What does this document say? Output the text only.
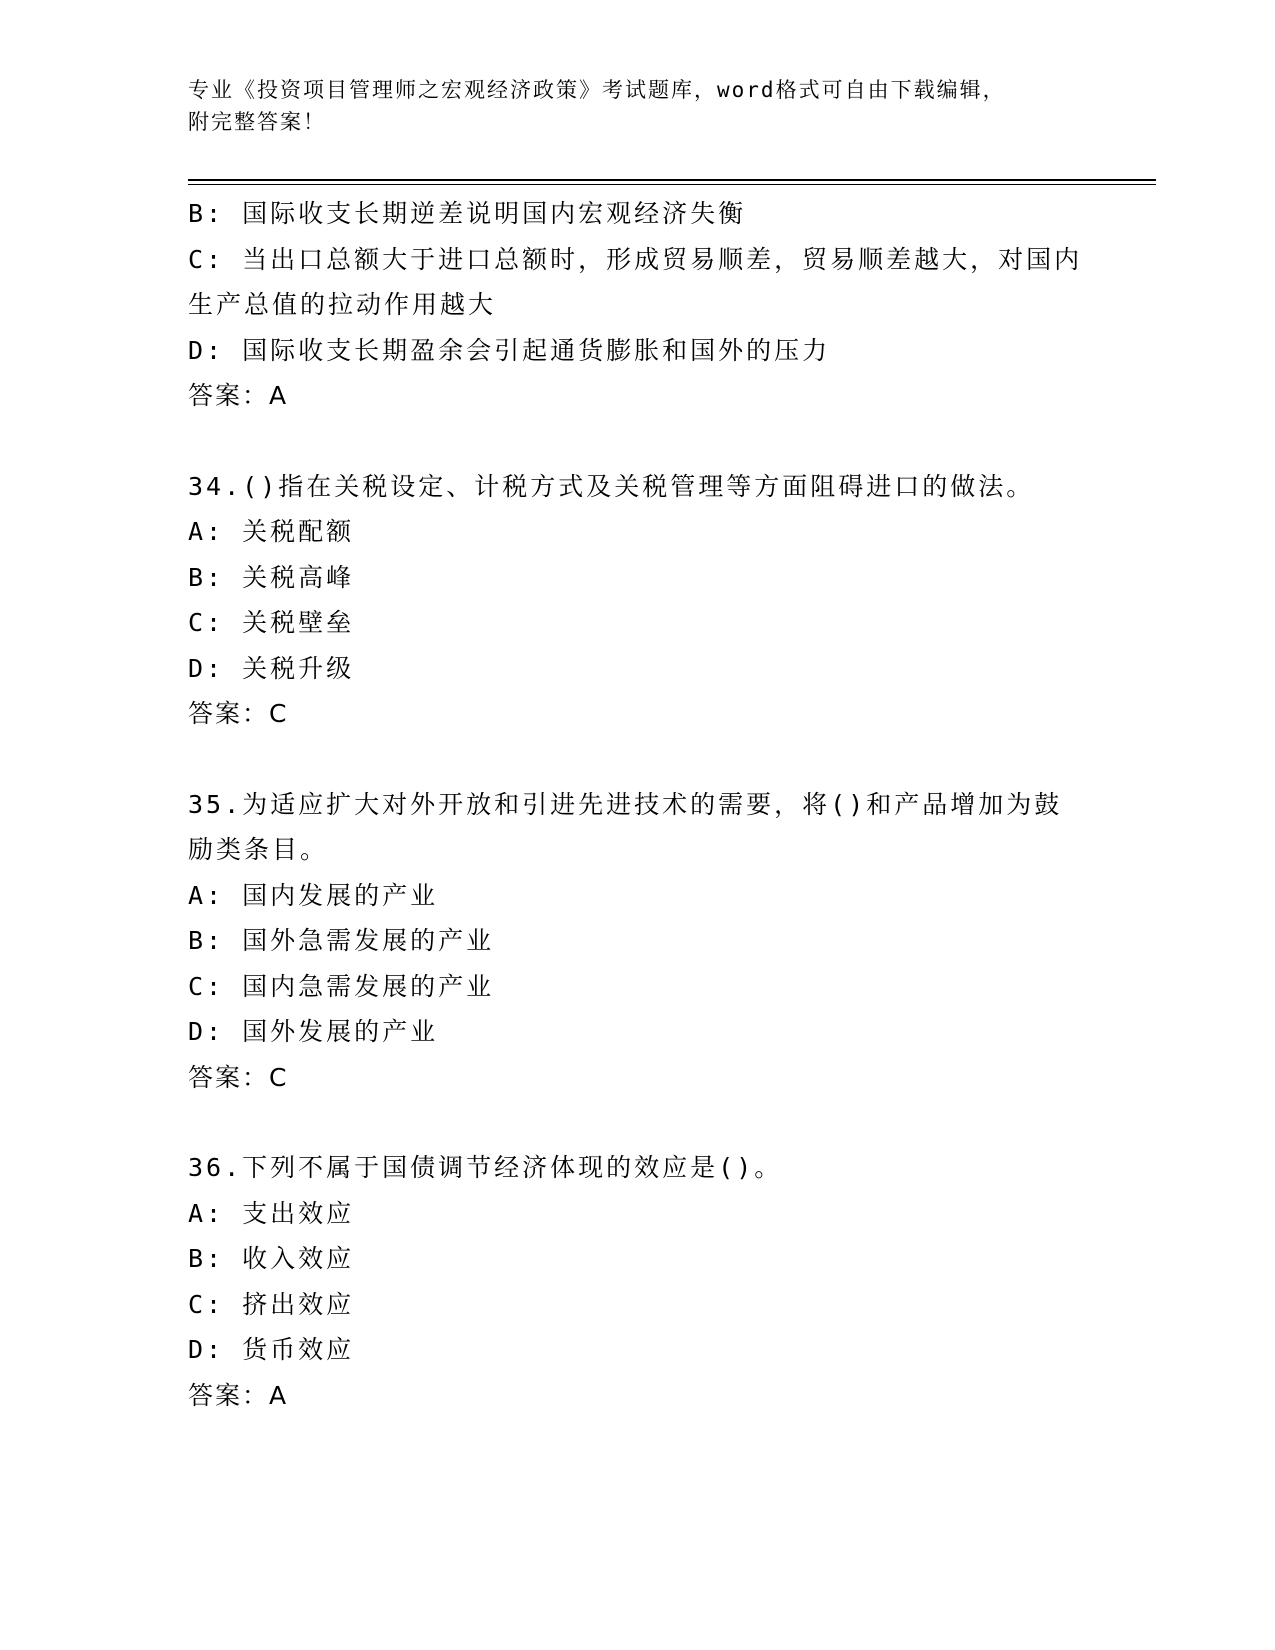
专业《投资项目管理师之宏观经济政策》考试题库，word格式可自由下载编辑，
附完整答案！
B: 国际收支长期逆差说明国内宏观经济失衡
C: 当出口总额大于进口总额时，形成贸易顺差，贸易顺差越大，对国内生产总值的拉动作用越大
D: 国际收支长期盈余会引起通货膨胀和国外的压力
答案：A
34.()指在关税设定、计税方式及关税管理等方面阻碍进口的做法。
A: 关税配额
B: 关税高峰
C: 关税壁垒
D: 关税升级
答案：C
35.为适应扩大对外开放和引进先进技术的需要，将()和产品增加为鼓励类条目。
A: 国内发展的产业
B: 国外急需发展的产业
C: 国内急需发展的产业
D: 国外发展的产业
答案：C
36.下列不属于国债调节经济体现的效应是()。
A: 支出效应
B: 收入效应
C: 挤出效应
D: 货币效应
答案：A
